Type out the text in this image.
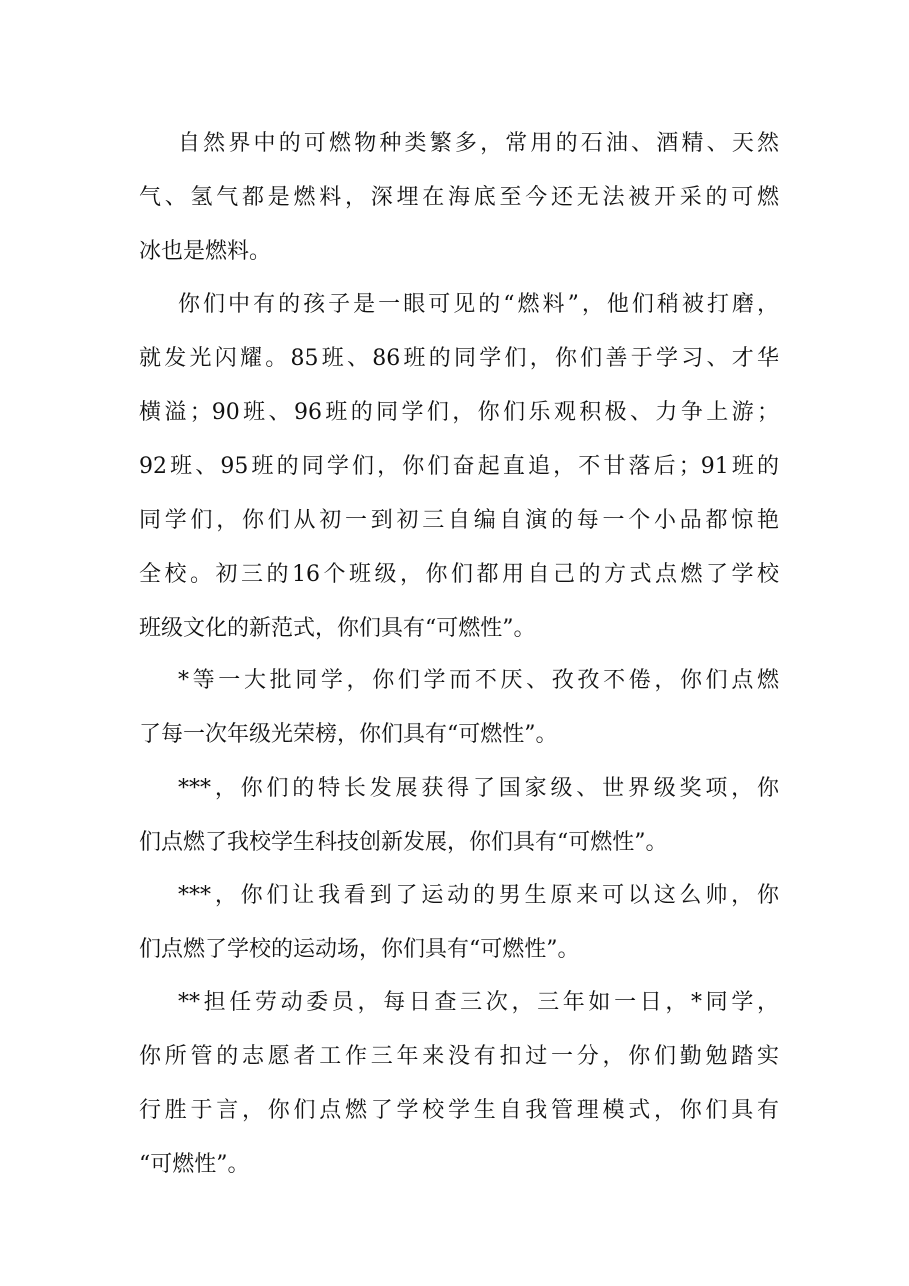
自然界中的可燃物种类繁多，常用的石油、酒精、天然
气、氢气都是燃料，深埋在海底至今还无法被开采的可燃
冰也是燃料。
你们中有的孩子是一眼可见的“燃料”，他们稍被打磨，
就发光闪耀。85班、86班的同学们，你们善于学习、才华
横溢；90班、96班的同学们，你们乐观积极、力争上游；
92班、95班的同学们，你们奋起直追，不甘落后；91班的
同学们，你们从初一到初三自编自演的每一个小品都惊艳
全校。初三的16个班级，你们都用自己的方式点燃了学校
班级文化的新范式，你们具有“可燃性”。
*等一大批同学，你们学而不厌、孜孜不倦，你们点燃
了每一次年级光荣榜，你们具有“可燃性”。
***，你们的特长发展获得了国家级、世界级奖项，你
们点燃了我校学生科技创新发展，你们具有“可燃性”。
***，你们让我看到了运动的男生原来可以这么帅，你
们点燃了学校的运动场，你们具有“可燃性”。
**担任劳动委员，每日查三次，三年如一日，*同学，
你所管的志愿者工作三年来没有扣过一分，你们勤勉踏实
行胜于言，你们点燃了学校学生自我管理模式，你们具有
“可燃性”。
